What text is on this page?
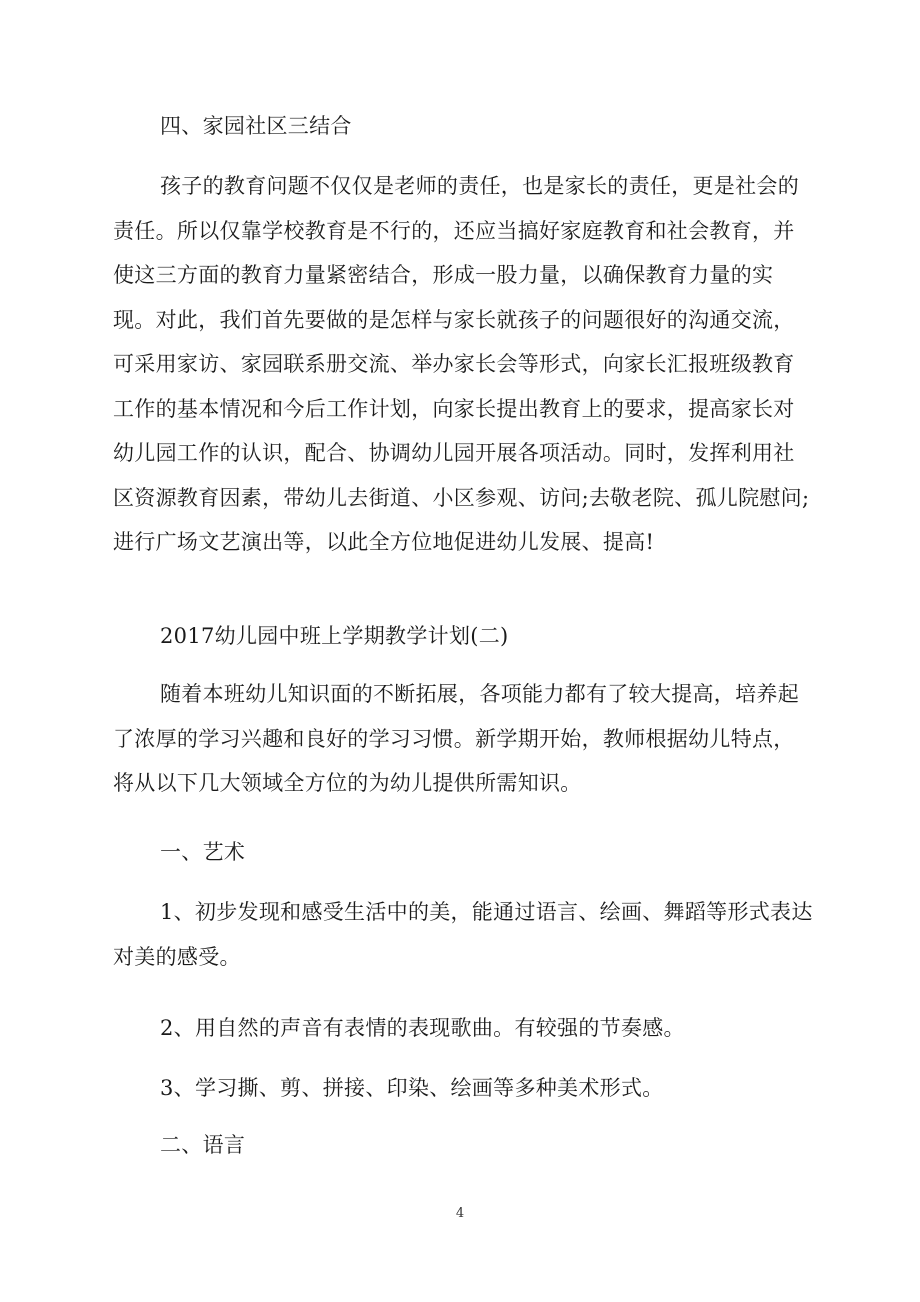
四、家园社区三结合

孩子的教育问题不仅仅是老师的责任，也是家长的责任，更是社会的责任。所以仅靠学校教育是不行的，还应当搞好家庭教育和社会教育，并使这三方面的教育力量紧密结合，形成一股力量，以确保教育力量的实现。对此，我们首先要做的是怎样与家长就孩子的问题很好的沟通交流，可采用家访、家园联系册交流、举办家长会等形式，向家长汇报班级教育工作的基本情况和今后工作计划，向家长提出教育上的要求，提高家长对幼儿园工作的认识，配合、协调幼儿园开展各项活动。同时，发挥利用社区资源教育因素，带幼儿去街道、小区参观、访问;去敬老院、孤儿院慰问;进行广场文艺演出等，以此全方位地促进幼儿发展、提高!

2017幼儿园中班上学期教学计划(二)

随着本班幼儿知识面的不断拓展，各项能力都有了较大提高，培养起了浓厚的学习兴趣和良好的学习习惯。新学期开始，教师根据幼儿特点，将从以下几大领域全方位的为幼儿提供所需知识。

一、艺术

1、初步发现和感受生活中的美，能通过语言、绘画、舞蹈等形式表达对美的感受。

2、用自然的声音有表情的表现歌曲。有较强的节奏感。

3、学习撕、剪、拼接、印染、绘画等多种美术形式。

二、语言

4
